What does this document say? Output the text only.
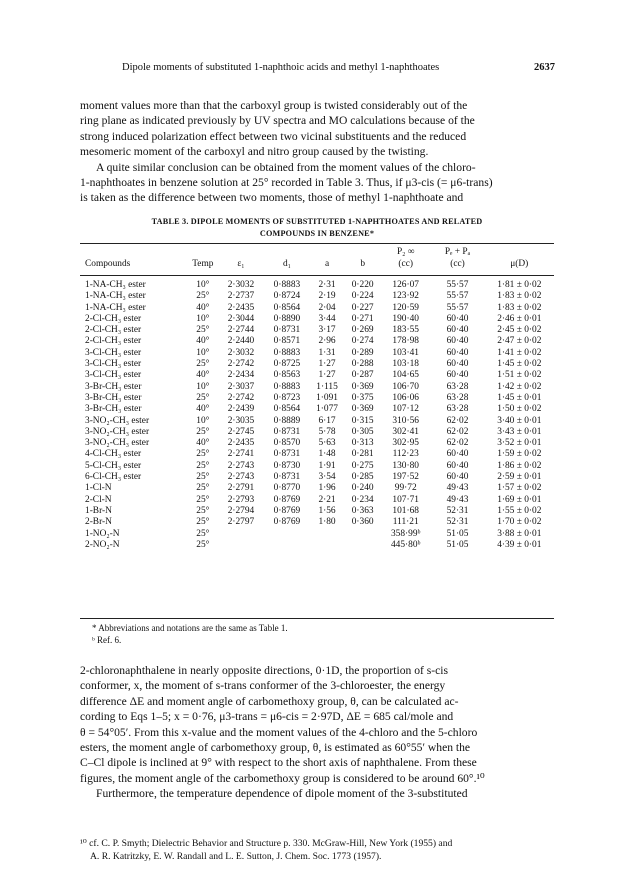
Dipole moments of substituted 1-naphthoic acids and methyl 1-naphthoates	2637

moment values more than that the carboxyl group is twisted considerably out of the

ring plane as indicated previously by UV spectra and MO calculations because of the

strong induced polarization effect between two vicinal substituents and the reduced

mesomeric moment of the carboxyl and nitro group caused by the twisting.

A quite similar conclusion can be obtained from the moment values of the chloro-

1-naphthoates in benzene solution at 25° recorded in Table 3. Thus, if μ3-cis (= μ6-trans)

is taken as the difference between two moments, those of methyl 1-naphthoate and

TABLE 3. DIPOLE MOMENTS OF SUBSTITUTED 1-NAPHTHOATES AND RELATED
COMPOUNDS IN BENZENE*
						P₂ ∞	Pₑ + Pₐ	μ(D)
Compounds	Temp	ε₁	d₁	a	b	(cc)	(cc)	

1-NA-CH₃ ester	10°	2·3032	0·8883	2·31	0·220	126·07	55·57	1·81 ± 0·02
1-NA-CH₃ ester	25°	2·2737	0·8724	2·19	0·224	123·92	55·57	1·83 ± 0·02
1-NA-CH₃ ester	40°	2·2435	0·8564	2·04	0·227	120·59	55·57	1·83 ± 0·02
2-Cl-CH₃ ester	10°	2·3044	0·8890	3·44	0·271	190·40	60·40	2·46 ± 0·01
2-Cl-CH₃ ester	25°	2·2744	0·8731	3·17	0·269	183·55	60·40	2·45 ± 0·02
2-Cl-CH₃ ester	40°	2·2440	0·8571	2·96	0·274	178·98	60·40	2·47 ± 0·02
3-Cl-CH₃ ester	10°	2·3032	0·8883	1·31	0·289	103·41	60·40	1·41 ± 0·02
3-Cl-CH₃ ester	25°	2·2742	0·8725	1·27	0·288	103·18	60·40	1·45 ± 0·02
3-Cl-CH₃ ester	40°	2·2434	0·8563	1·27	0·287	104·65	60·40	1·51 ± 0·02
3-Br-CH₃ ester	10°	2·3037	0·8883	1·115	0·369	106·70	63·28	1·42 ± 0·02
3-Br-CH₃ ester	25°	2·2742	0·8723	1·091	0·375	106·06	63·28	1·45 ± 0·01
3-Br-CH₃ ester	40°	2·2439	0·8564	1·077	0·369	107·12	63·28	1·50 ± 0·02
3-NO₂-CH₃ ester	10°	2·3035	0·8889	6·17	0·315	310·56	62·02	3·40 ± 0·01
3-NO₂-CH₃ ester	25°	2·2745	0·8731	5·78	0·305	302·41	62·02	3·43 ± 0·01
3-NO₂-CH₃ ester	40°	2·2435	0·8570	5·63	0·313	302·95	62·02	3·52 ± 0·01
4-Cl-CH₃ ester	25°	2·2741	0·8731	1·48	0·281	112·23	60·40	1·59 ± 0·02
5-Cl-CH₃ ester	25°	2·2743	0·8730	1·91	0·275	130·80	60·40	1·86 ± 0·02
6-Cl-CH₃ ester	25°	2·2743	0·8731	3·54	0·285	197·52	60·40	2·59 ± 0·01
1-Cl-N	25°	2·2791	0·8770	1·96	0·240	99·72	49·43	1·57 ± 0·02
2-Cl-N	25°	2·2793	0·8769	2·21	0·234	107·71	49·43	1·69 ± 0·01
1-Br-N	25°	2·2794	0·8769	1·56	0·363	101·68	52·31	1·55 ± 0·02
2-Br-N	25°	2·2797	0·8769	1·80	0·360	111·21	52·31	1·70 ± 0·02
1-NO₂-N	25°					358·99ᵇ	51·05	3·88 ± 0·01
2-NO₂-N	25°					445·80ᵇ	51·05	4·39 ± 0·01
* Abbreviations and notations are the same as Table 1.
ᵇ Ref. 6.

2-chloronaphthalene in nearly opposite directions, 0·1D, the proportion of s-cis

conformer, x, the moment of s-trans conformer of the 3-chloroester, the energy

difference ΔE and moment angle of carbomethoxy group, θ, can be calculated ac-

cording to Eqs 1–5; x = 0·76, μ3-trans = μ6-cis = 2·97D, ΔE = 685 cal/mole and

θ = 54°05′. From this x-value and the moment values of the 4-chloro and the 5-chloro

esters, the moment angle of carbomethoxy group, θ, is estimated as 60°55′ when the

C–Cl dipole is inclined at 9° with respect to the short axis of naphthalene. From these

figures, the moment angle of the carbomethoxy group is considered to be around 60°.¹⁰

Furthermore, the temperature dependence of dipole moment of the 3-substituted

¹⁰ cf. C. P. Smyth; Dielectric Behavior and Structure p. 330. McGraw-Hill, New York (1955) and

A. R. Katritzky, E. W. Randall and L. E. Sutton, J. Chem. Soc. 1773 (1957).
